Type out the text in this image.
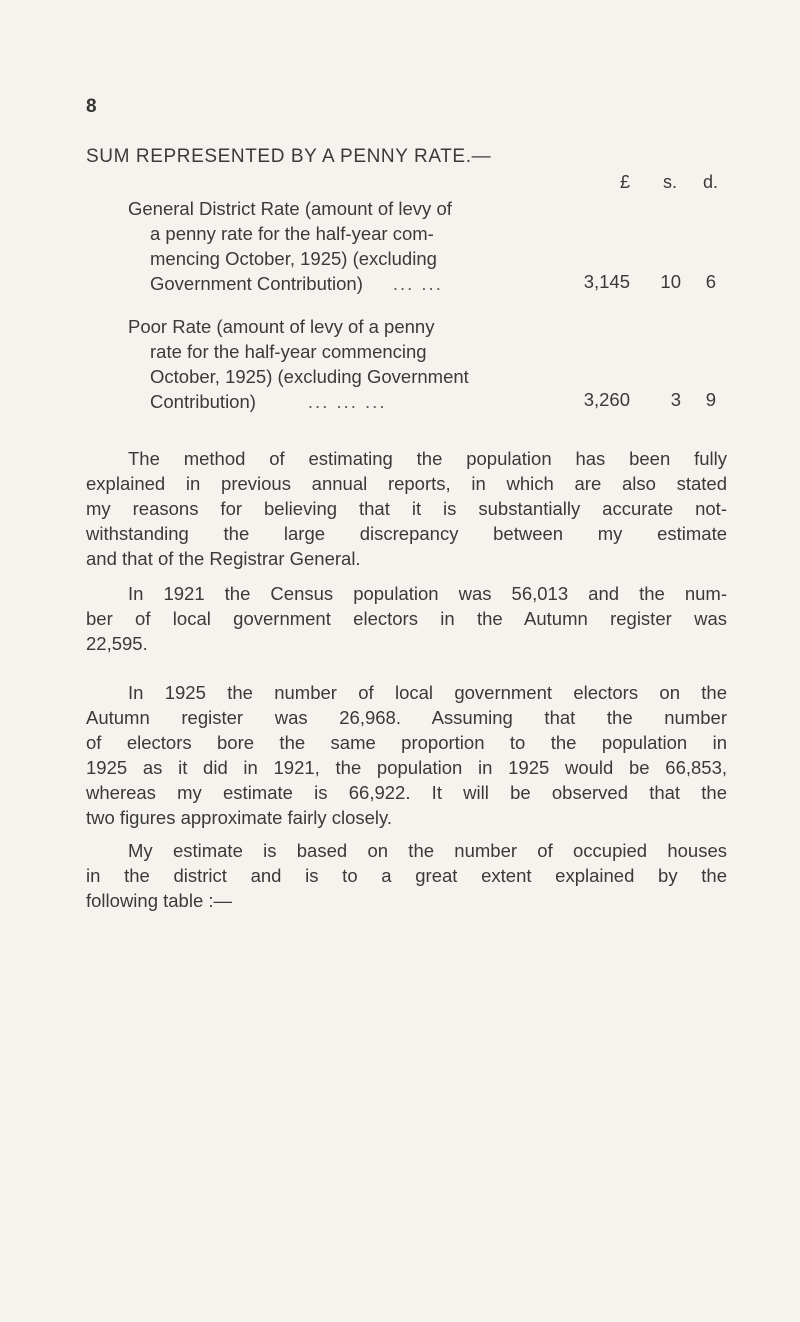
8
SUM REPRESENTED BY A PENNY RATE.—
£ s. d.
General District Rate (amount of levy of
a penny rate for the half-year com-
mencing October, 1925) (excluding
Government Contribution) ... ...	3,145	10	6
Poor Rate (amount of levy of a penny
rate for the half-year commencing
October, 1925) (excluding Government
Contribution)	... ... ...	3,260	3	9
The method of estimating the population has been fully
explained in previous annual reports, in which are also stated
my reasons for believing that it is substantially accurate not-
withstanding the large discrepancy between my estimate
and that of the Registrar General.
In 1921 the Census population was 56,013 and the num-
ber of local government electors in the Autumn register was
22,595.
In 1925 the number of local government electors on the
Autumn register was 26,968. Assuming that the number
of electors bore the same proportion to the population in
1925 as it did in 1921, the population in 1925 would be 66,853,
whereas my estimate is 66,922. It will be observed that the
two figures approximate fairly closely.
My estimate is based on the number of occupied houses
in the district and is to a great extent explained by the
following table :—
